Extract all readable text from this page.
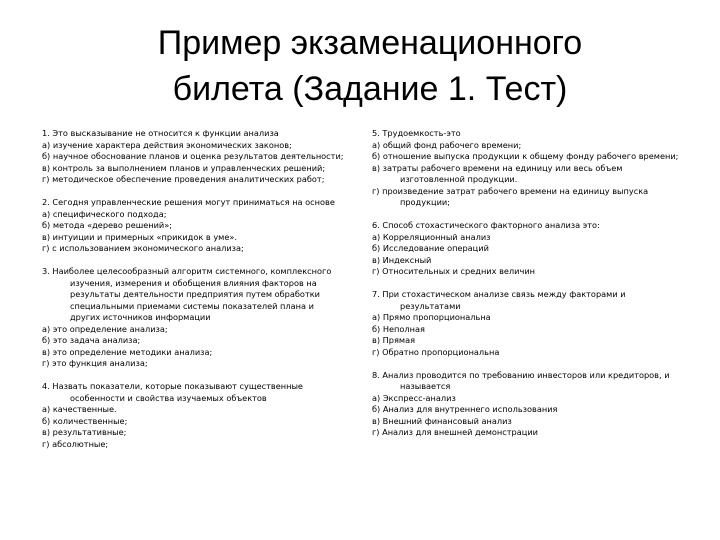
Пример экзаменационного
билета (Задание 1. Тест)
1. Это высказывание не относится к функции анализа
а) изучение характера действия экономических законов;
б) научное обоснование планов и оценка результатов деятельности;
в) контроль за выполнением планов и управленческих решений;
г) методическое обеспечение проведения аналитических работ;
2. Сегодня управленческие решения могут приниматься на основе
а) специфического подхода;
б) метода «дерево решений»;
в) интуиции и примерных «прикидок в уме».
г) с использованием экономического анализа;
3. Наиболее целесообразный алгоритм системного, комплексного
изучения, измерения и обобщения влияния факторов на
результаты деятельности предприятия путем обработки
специальными приемами системы показателей плана и
других источников информации
а) это определение анализа;
б) это задача анализа;
в) это определение методики анализа;
г) это функция анализа;
4. Назвать показатели, которые показывают существенные
особенности и свойства изучаемых объектов
а) качественные.
б) количественные;
в) результативные;
г) абсолютные;
5. Трудоемкость-это
а) общий фонд рабочего времени;
б) отношение выпуска продукции к общему фонду рабочего времени;
в) затраты рабочего времени на единицу или весь объем
изготовленной продукции.
г) произведение затрат рабочего времени на единицу выпуска
продукции;
6. Способ стохастического факторного анализа это:
а) Корреляционный анализ
б) Исследование операций
в) Индексный
г) Относительных и средних величин
7. При стохастическом анализе связь между факторами и
результатами
а) Прямо пропорциональна
б) Неполная
в) Прямая
г) Обратно пропорциональна
8. Анализ проводится по требованию инвесторов или кредиторов, и
называется
а) Экспресс-анализ
б) Анализ для внутреннего использования
в) Внешний финансовый анализ
г) Анализ для внешней демонстрации
